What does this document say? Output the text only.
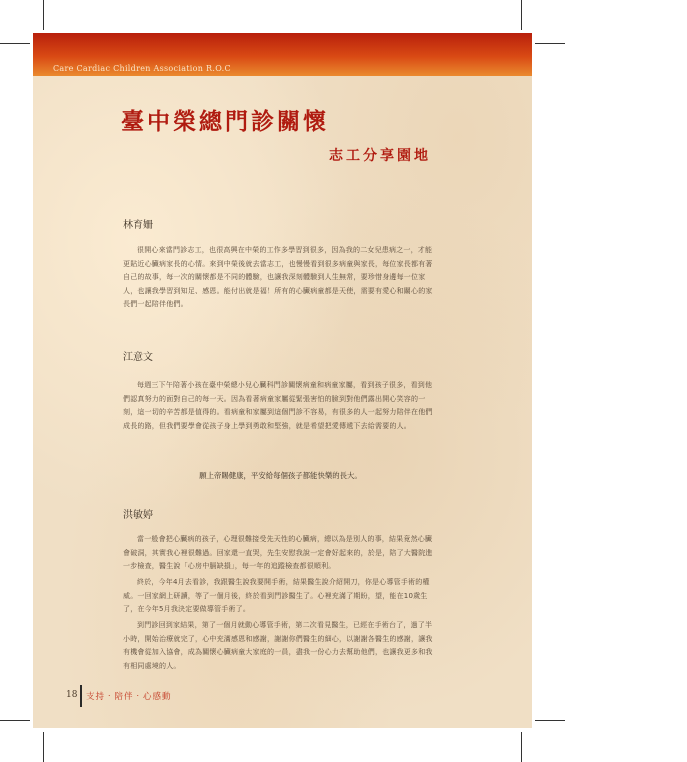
Care Cardiac Children Association R.O.C
臺中榮總門診關懷
志工分享園地
林育姍

很開心來當門診志工，也很高興在中榮的工作多學習到很多，因為我的二女兒患病之一，才能更貼近心臟病家長的心情。來到中榮後就去當志工，也慢慢看到很多病童與家長，每位家長都有著自己的故事，每一次的關懷都是不同的體驗，也讓我深刻體驗到人生無常，要珍惜身邊每一位家人，也讓我學習到知足、感恩。能付出就是福！所有的心臟病童都是天使，需要有愛心和關心的家長們一起陪伴他們。

江意文

每週三下午陪著小孩在臺中榮總小兒心臟科門診關懷病童和病童家屬，看到孩子很多，看到他們認真努力的面對自己的每一天。因為看著病童家屬從緊張害怕的臉到對他們露出開心笑容的一刻，這一切的辛苦都是值得的。看病童和家屬到這個門診不容易，有很多的人一起努力陪伴在他們成長的路，但我們要學會從孩子身上學到勇敢和堅強，就是希望把愛傳遞下去給需要的人。

願上帝賜健康，平安給每個孩子都能快樂的長大。
洪敏婷

當一般會把心臟病的孩子，心理很難接受先天性的心臟病，總以為是別人的事，結果竟然心臟會破洞，其實我心裡很難過。回家還一直哭，先生安慰我說一定會好起來的，於是，陪了大醫院進一步檢查，醫生說「心房中膈缺損」，每一年的追蹤檢查都很順利。

終於，今年4月去看診，我跟醫生說我要開手術，結果醫生說介紹開刀，你是心導管手術的權威。一回家網上研讀，等了一個月後，終於看到門診醫生了。心裡充滿了期盼，望，能在10歲生了，在今年5月我決定要做導管手術了。

到門診回到家結果，第了一個月就動心導管手術，第二次看見醫生，已經在手術台了，過了半小時，開始治療就完了，心中充滿感恩和感謝，謝謝你們醫生的細心，以謝謝各醫生的感謝，讓我有機會從加入協會，成為關懷心臟病童大家庭的一員，盡我一份心力去幫助他們，也讓我更多和我有相同處境的人。

18 支持‧陪伴‧心感動
